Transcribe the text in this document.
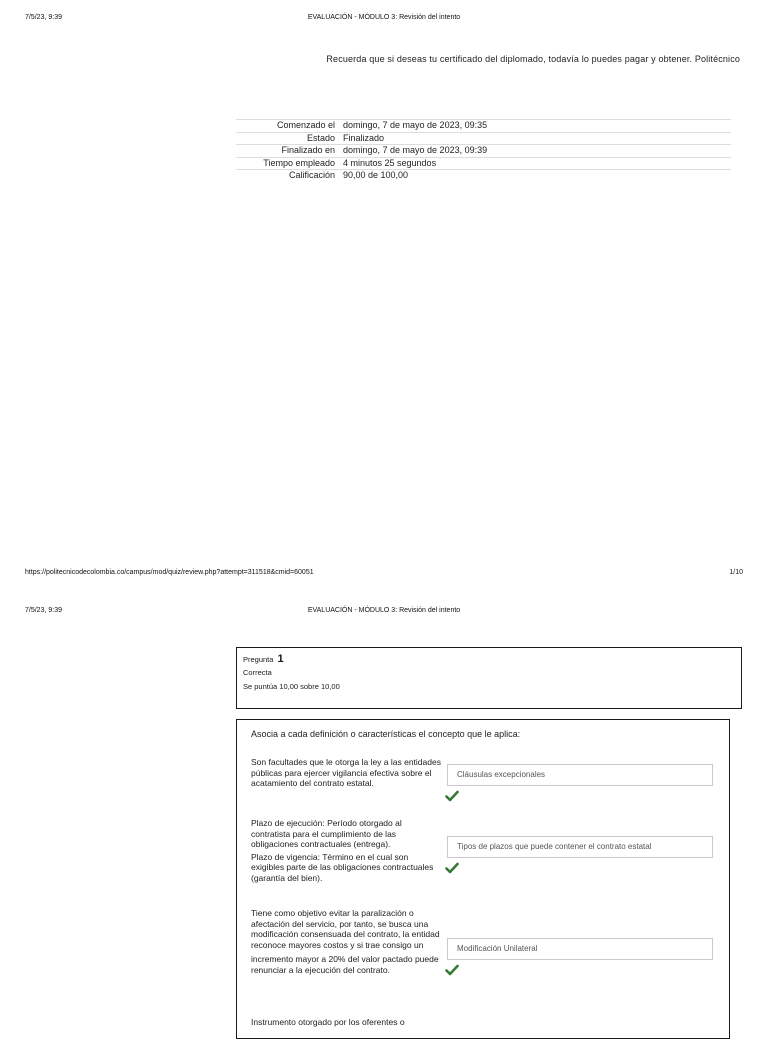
7/5/23, 9:39	EVALUACIÓN - MÓDULO 3: Revisión del intento
Recuerda que si deseas tu certificado del diplomado, todavía lo puedes pagar y obtener. Politécnico
Comenzado el	domingo, 7 de mayo de 2023, 09:35
Estado	Finalizado
Finalizado en	domingo, 7 de mayo de 2023, 09:39
Tiempo empleado	4 minutos 25 segundos
Calificación	90,00 de 100,00
https://politecnicodecolombia.co/campus/mod/quiz/review.php?attempt=311518&cmid=60051	1/10
7/5/23, 9:39	EVALUACIÓN - MÓDULO 3: Revisión del intento
Pregunta 1
Correcta
Se puntúa 10,00 sobre 10,00
Asocia a cada definición o características el concepto que le aplica:

Son facultades que le otorga la ley a las entidades públicas para ejercer vigilancia efectiva sobre el acatamiento del contrato estatal.

Cláusulas excepcionales

Plazo de ejecución: Período otorgado al contratista para el cumplimiento de las obligaciones contractuales (entrega).

Plazo de vigencia: Término en el cual son exigibles parte de las obligaciones contractuales (garantía del bien).

Tipos de plazos que puede contener el contrato estatal

Tiene como objetivo evitar la paralización o afectación del servicio, por tanto, se busca una modificación consensuada del contrato, la entidad reconoce mayores costos y si trae consigo un

incremento mayor a 20% del valor pactado puede renunciar a la ejecución del contrato.

Modificación Unilateral

Instrumento otorgado por los oferentes o
